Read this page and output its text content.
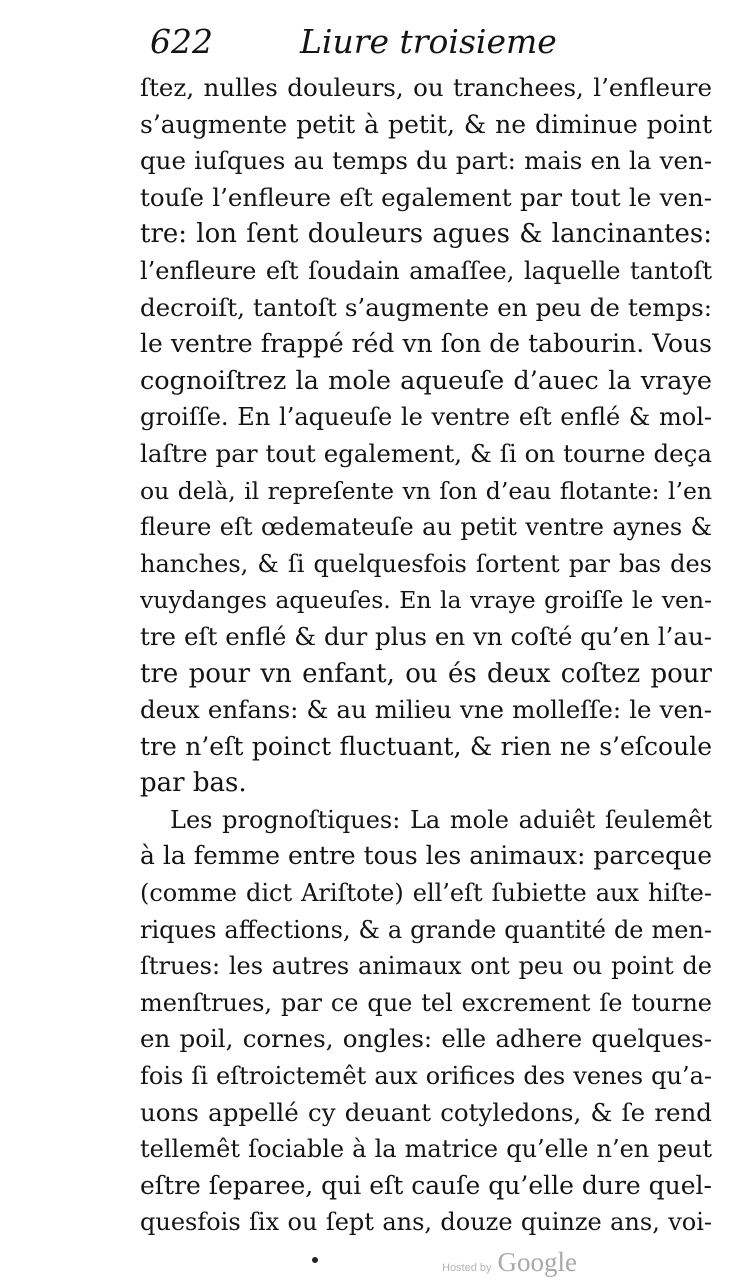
622	Liure troisieme
ſtez, nulles douleurs, ou tranchees, l’enfleure
s’augmente petit à petit, & ne diminue point
que iuſques au temps du part: mais en la ven-
touſe l’enfleure eſt egalement par tout le ven-
tre: lon ſent douleurs agues & lancinantes:
l’enfleure eſt ſoudain amaſſee, laquelle tantoſt
decroiſt, tantoſt s’augmente en peu de temps:
le ventre frappé réd vn ſon de tabourin. Vous
cognoiſtrez la mole aqueuſe d’auec la vraye
groiſſe. En l’aqueuſe le ventre eſt enflé & mol-
laſtre par tout egalement, & ſi on tourne deça
ou delà, il repreſente vn ſon d’eau flotante: l’en
fleure eſt œdemateuſe au petit ventre aynes &
hanches, & ſi quelquesfois ſortent par bas des
vuydanges aqueuſes. En la vraye groiſſe le ven-
tre eſt enflé & dur plus en vn coſté qu’en l’au-
tre pour vn enfant, ou és deux coſtez pour
deux enfans: & au milieu vne molleſſe: le ven-
tre n’eſt poinct fluctuant, & rien ne s’eſcoule
par bas.
Les prognoſtiques: La mole aduiêt ſeulemêt
à la femme entre tous les animaux: parceque
(comme dict Ariſtote) ell’eſt ſubiette aux hiſte-
riques affections, & a grande quantité de men-
ſtrues: les autres animaux ont peu ou point de
menſtrues, par ce que tel excrement ſe tourne
en poil, cornes, ongles: elle adhere quelques-
fois ſi eſtroictemêt aux orifices des venes qu’a-
uons appellé cy deuant cotyledons, & ſe rend
tellemêt ſociable à la matrice qu’elle n’en peut
eſtre ſeparee, qui eſt cauſe qu’elle dure quel-
quesfois ſix ou ſept ans, douze quinze ans, voi-
Hosted by Google
